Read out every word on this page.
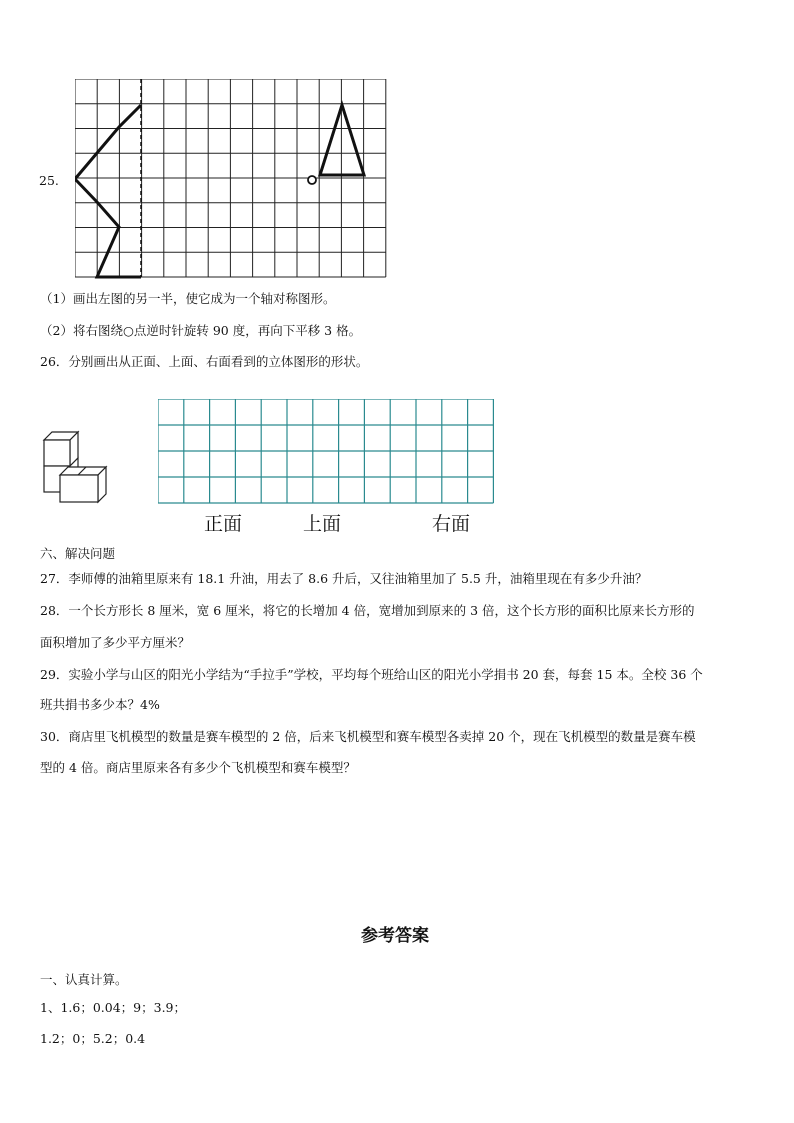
25.
（1）画出左图的另一半，使它成为一个轴对称图形。
（2）将右图绕○点逆时针旋转 90 度，再向下平移 3 格。
26．分别画出从正面、上面、右面看到的立体图形的形状。
正面	上面	右面
六、解决问题
27．李师傅的油箱里原来有 18.1 升油，用去了 8.6 升后，又往油箱里加了 5.5 升，油箱里现在有多少升油？
28．一个长方形长 8 厘米，宽 6 厘米，将它的长增加 4 倍，宽增加到原来的 3 倍，这个长方形的面积比原来长方形的
面积增加了多少平方厘米？
29．实验小学与山区的阳光小学结为“手拉手”学校，平均每个班给山区的阳光小学捐书 20 套，每套 15 本。全校 36 个
班共捐书多少本？4%
30．商店里飞机模型的数量是赛车模型的 2 倍，后来飞机模型和赛车模型各卖掉 20 个，现在飞机模型的数量是赛车模
型的 4 倍。商店里原来各有多少个飞机模型和赛车模型？
参考答案
一、认真计算。
1、1.6；0.04；9；3.9；
1.2；0；5.2；0.4
